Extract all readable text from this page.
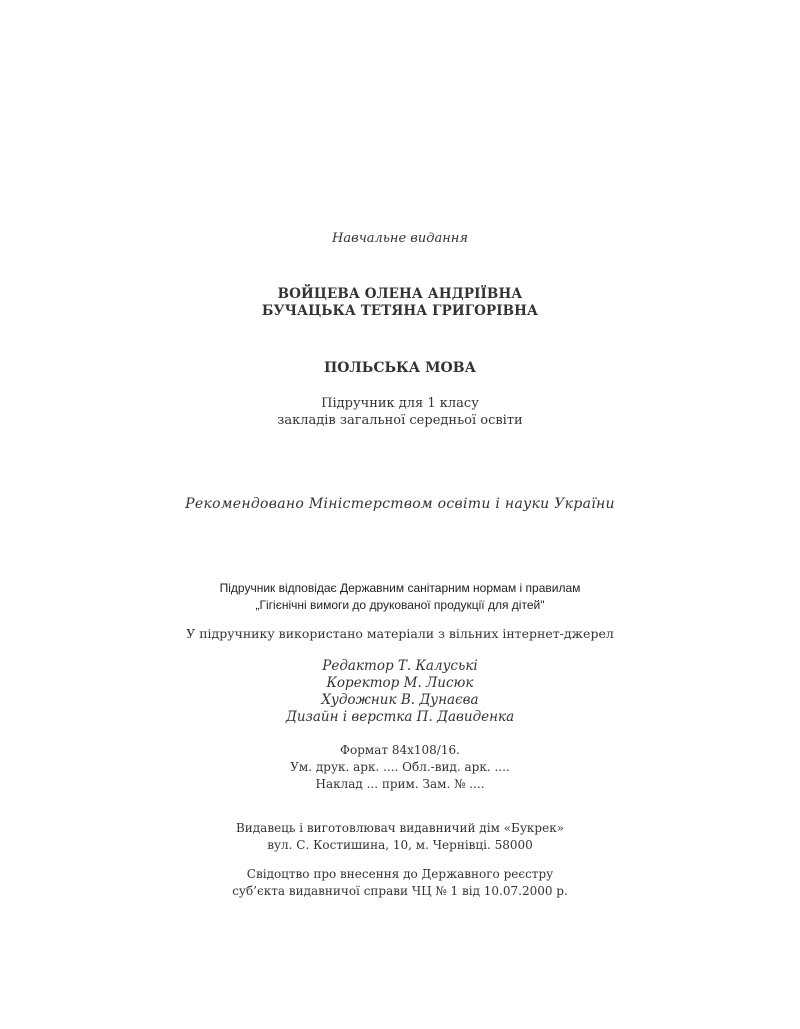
Навчальне видання
ВОЙЦЕВА ОЛЕНА АНДРІЇВНА
БУЧАЦЬКА ТЕТЯНА ГРИГОРІВНА
ПОЛЬСЬКА МОВА
Підручник для 1 класу
закладів загальної середньої освіти
Рекомендовано Міністерством освіти і науки України
Підручник відповідає Державним санітарним нормам і правилам
„Гігієнічні вимоги до друкованої продукції для дітей"
У підручнику використано матеріали з вільних інтернет-джерел
Редактор Т. Калуські
Коректор М. Лисюк
Художник В. Дунаєва
Дизайн і верстка П. Давиденка
Формат 84х108/16.
Ум. друк. арк. .... Обл.-вид. арк. ....
Наклад ... прим. Зам. № ....
Видавець і виготовлювач видавничий дім «Букрек»
вул. С. Костишина, 10, м. Чернівці. 58000
Свідоцтво про внесення до Державного реєстру
суб’єкта видавничої справи ЧЦ № 1 від 10.07.2000 р.
